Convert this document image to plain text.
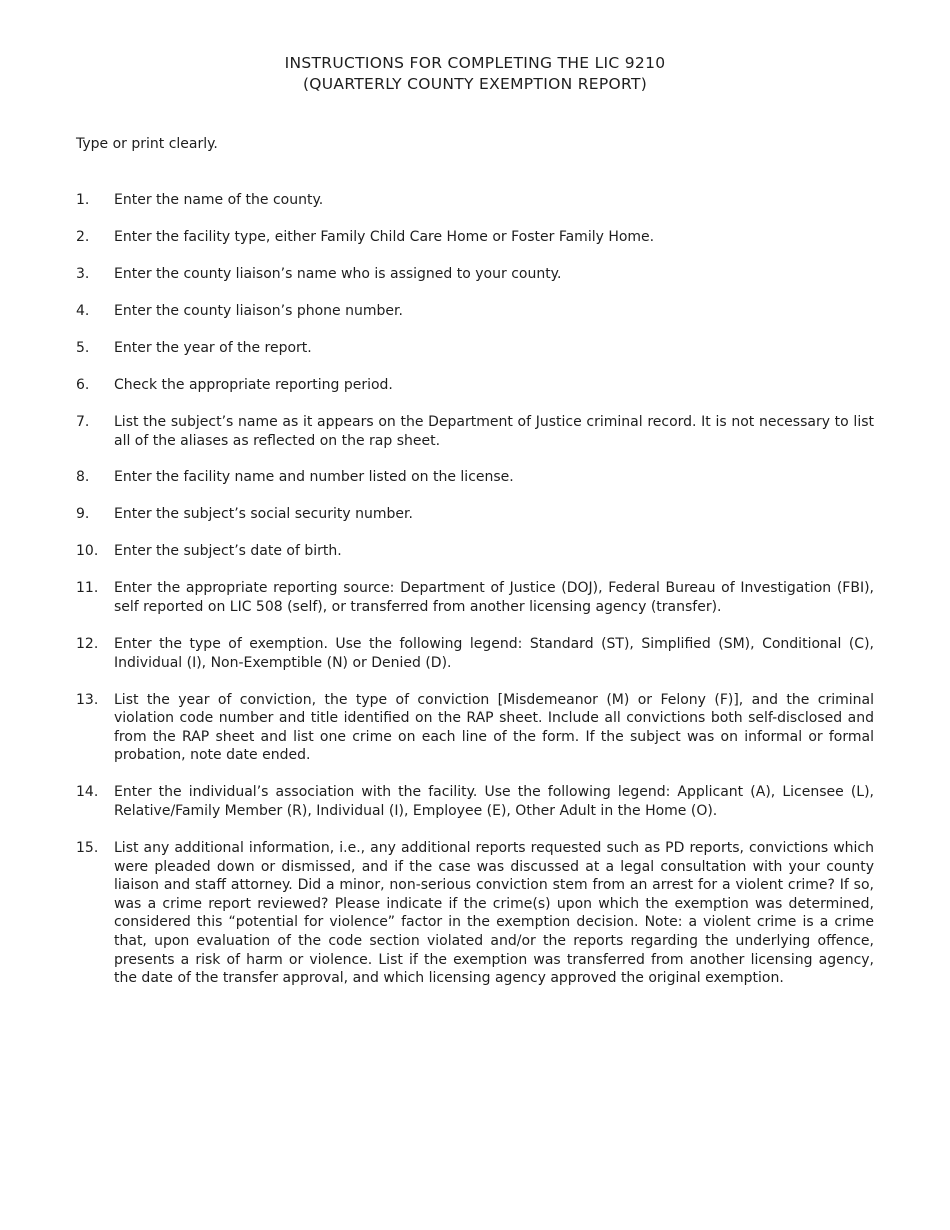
INSTRUCTIONS FOR COMPLETING THE LIC 9210
(QUARTERLY COUNTY EXEMPTION REPORT)
Type or print clearly.
1.	Enter the name of the county.
2.	Enter the facility type, either Family Child Care Home or Foster Family Home.
3.	Enter the county liaison’s name who is assigned to your county.
4.	Enter the county liaison’s phone number.
5.	Enter the year of the report.
6.	Check the appropriate reporting period.
7.	List the subject’s name as it appears on the Department of Justice criminal record. It is not necessary to list all of the aliases as reflected on the rap sheet.
8.	Enter the facility name and number listed on the license.
9.	Enter the subject’s social security number.
10.	Enter the subject’s date of birth.
11.	Enter the appropriate reporting source: Department of Justice (DOJ), Federal Bureau of Investigation (FBI), self reported on LIC 508 (self), or transferred from another licensing agency (transfer).
12.	Enter the type of exemption. Use the following legend: Standard (ST), Simplified (SM), Conditional (C), Individual (I), Non-Exemptible (N) or Denied (D).
13.	List the year of conviction, the type of conviction [Misdemeanor (M) or Felony (F)], and the criminal violation code number and title identified on the RAP sheet. Include all convictions both self-disclosed and from the RAP sheet and list one crime on each line of the form. If the subject was on informal or formal probation, note date ended.
14.	Enter the individual’s association with the facility. Use the following legend: Applicant (A), Licensee (L), Relative/Family Member (R), Individual (I), Employee (E), Other Adult in the Home (O).
15.	List any additional information, i.e., any additional reports requested such as PD reports, convictions which were pleaded down or dismissed, and if the case was discussed at a legal consultation with your county liaison and staff attorney. Did a minor, non-serious conviction stem from an arrest for a violent crime? If so, was a crime report reviewed? Please indicate if the crime(s) upon which the exemption was determined, considered this “potential for violence” factor in the exemption decision. Note: a violent crime is a crime that, upon evaluation of the code section violated and/or the reports regarding the underlying offence, presents a risk of harm or violence. List if the exemption was transferred from another licensing agency, the date of the transfer approval, and which licensing agency approved the original exemption.
